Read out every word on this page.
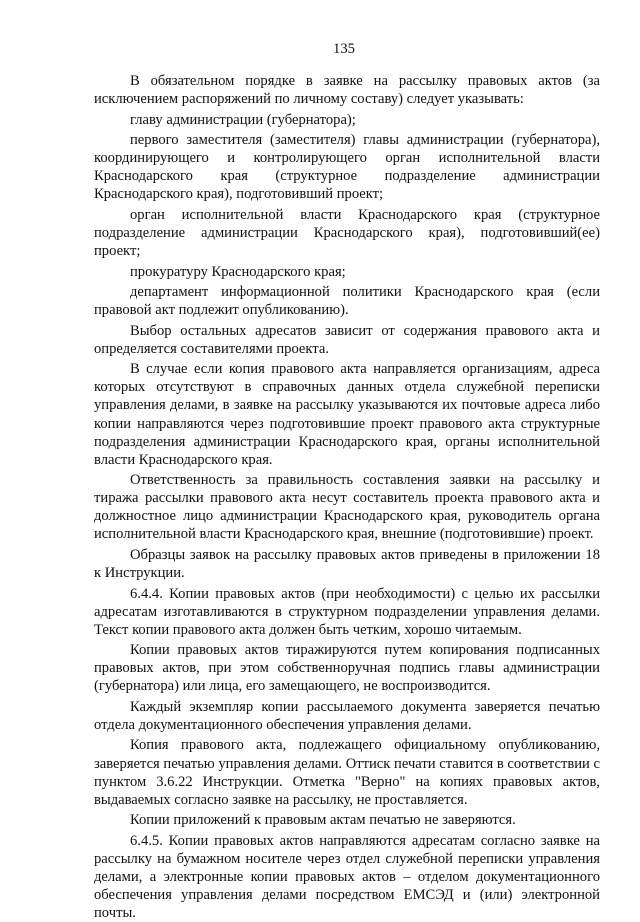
135

В обязательном порядке в заявке на рассылку правовых актов (за исключением распоряжений по личному составу) следует указывать:

главу администрации (губернатора);

первого заместителя (заместителя) главы администрации (губернатора), координирующего и контролирующего орган исполнительной власти Краснодарского края (структурное подразделение администрации Краснодарского края), подготовивший проект;

орган исполнительной власти Краснодарского края (структурное подразделение администрации Краснодарского края), подготовивший(ее) проект;

прокуратуру Краснодарского края;

департамент информационной политики Краснодарского края (если правовой акт подлежит опубликованию).

Выбор остальных адресатов зависит от содержания правового акта и определяется составителями проекта.

В случае если копия правового акта направляется организациям, адреса которых отсутствуют в справочных данных отдела служебной переписки управления делами, в заявке на рассылку указываются их почтовые адреса либо копии направляются через подготовившие проект правового акта структурные подразделения администрации Краснодарского края, органы исполнительной власти Краснодарского края.

Ответственность за правильность составления заявки на рассылку и тиража рассылки правового акта несут составитель проекта правового акта и должностное лицо администрации Краснодарского края, руководитель органа исполнительной власти Краснодарского края, внешние (подготовившие) проект.

Образцы заявок на рассылку правовых актов приведены в приложении 18 к Инструкции.

6.4.4. Копии правовых актов (при необходимости) с целью их рассылки адресатам изготавливаются в структурном подразделении управления делами. Текст копии правового акта должен быть четким, хорошо читаемым.

Копии правовых актов тиражируются путем копирования подписанных правовых актов, при этом собственноручная подпись главы администрации (губернатора) или лица, его замещающего, не воспроизводится.

Каждый экземпляр копии рассылаемого документа заверяется печатью отдела документационного обеспечения управления делами.

Копия правового акта, подлежащего официальному опубликованию, заверяется печатью управления делами. Оттиск печати ставится в соответствии с пунктом 3.6.22 Инструкции. Отметка "Верно" на копиях правовых актов, выдаваемых согласно заявке на рассылку, не проставляется.

Копии приложений к правовым актам печатью не заверяются.

6.4.5. Копии правовых актов направляются адресатам согласно заявке на рассылку на бумажном носителе через отдел служебной переписки управления делами, а электронные копии правовых актов – отделом документационного обеспечения управления делами посредством ЕМСЭД и (или) электронной почты.
